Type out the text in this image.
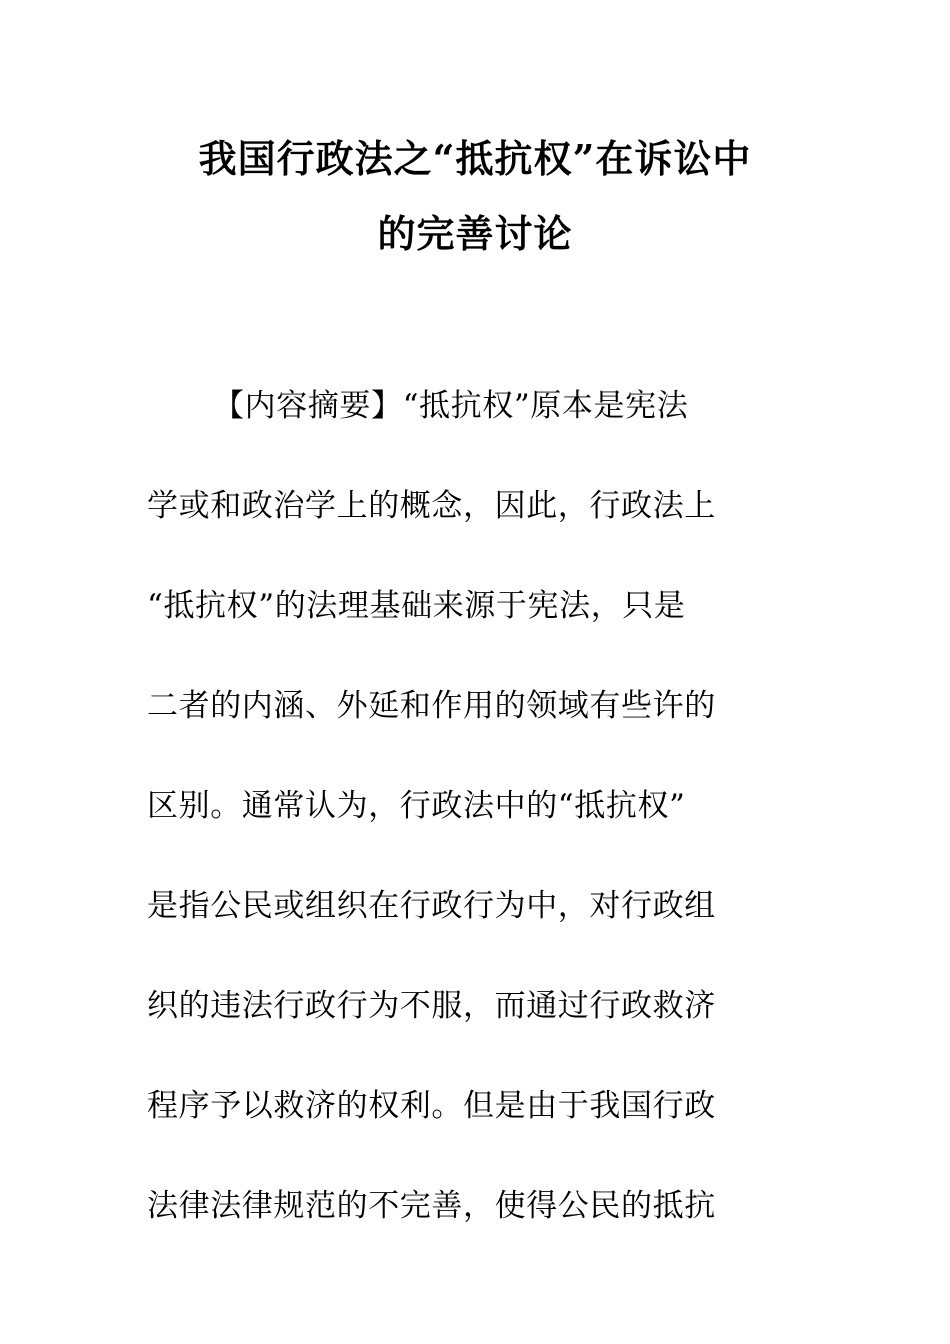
我国行政法之“抵抗权”在诉讼中
的完善讨论
【内容摘要】“抵抗权”原本是宪法
学或和政治学上的概念，因此，行政法上
“抵抗权”的法理基础来源于宪法，只是
二者的内涵、外延和作用的领域有些许的
区别。通常认为，行政法中的“抵抗权”
是指公民或组织在行政行为中，对行政组
织的违法行政行为不服，而通过行政救济
程序予以救济的权利。但是由于我国行政
法律法律规范的不完善，使得公民的抵抗
